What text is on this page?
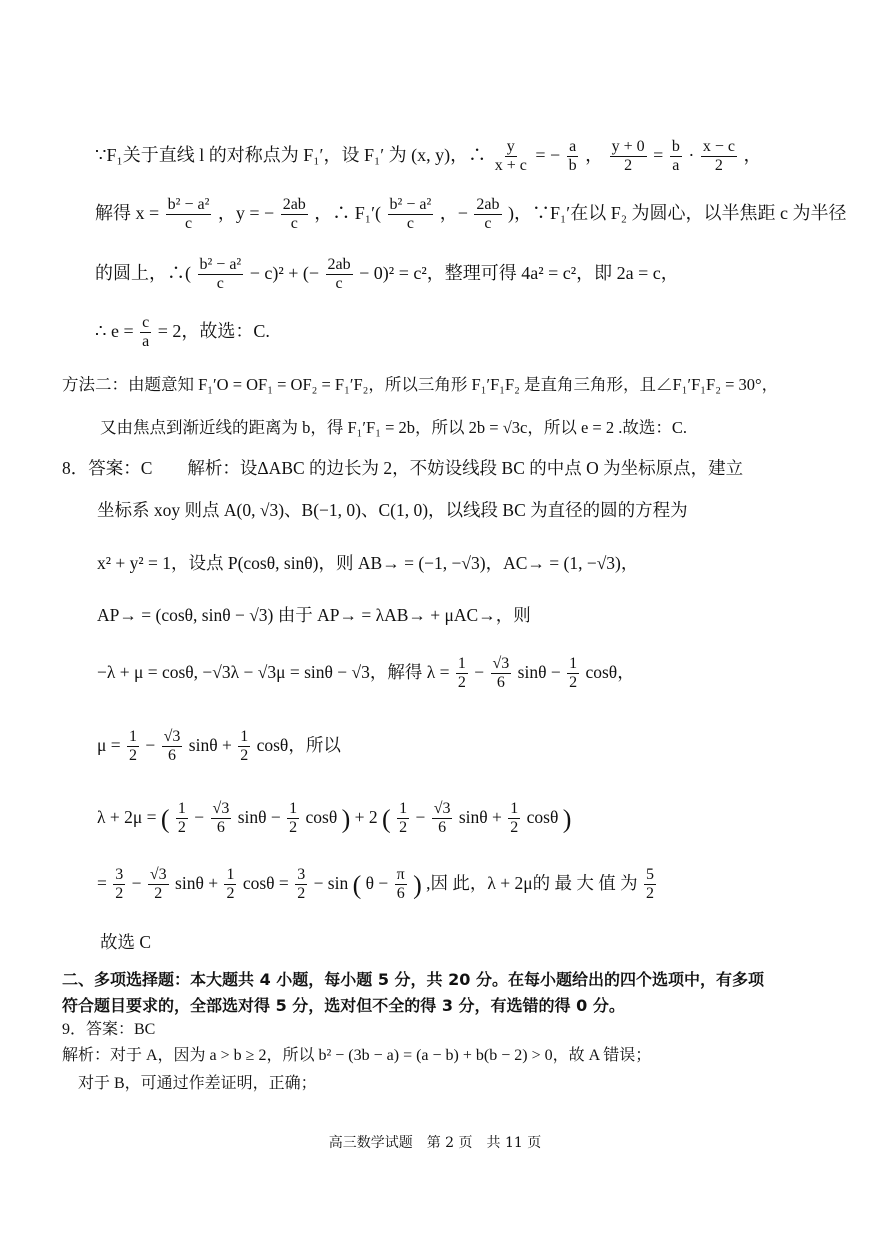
∵F₁关于直线 l 的对称点为 F₁′，设 F₁′ 为 (x, y)，∴ $\frac{y}{x + c}$ = − $\frac{a}{b}$ ， $\frac{y + 0}{2} = \frac{b}{a} \cdot \frac{x - c}{2}$ ，
解得 $x = \frac{\text{b² − a²}}{c}$ ，y = − $\frac{2ab}{c}$ ，∴ $F_1'( \frac{\text{b² − a²}}{c}$ ，− $\frac{2ab}{c}$ )，∵F₁′在以 F₂ 为圆心，以半焦距 c 为半径
的圆上，∴( $\frac{\text{b² − a²}}{c} - c)^2$ + (− $\frac{2ab}{c} - 0)^2 = c^2$，整理可得 4a² = c²，即 2a = c，
∴ $e = \frac{c}{a} = 2$，故选：C.
方法二：由题意知 F₁′O = OF₁ = OF₂ = F₁′F₂，所以三角形 F₁′F₁F₂ 是直角三角形，且∠F₁′F₁F₂ = 30°，
又由焦点到渐近线的距离为 b，得 F₁′F₁ = 2b，所以 2b = √3c，所以 e = 2 .故选：C.
8．答案：C　　解析：设ΔABC 的边长为 2，不妨设线段 BC 的中点 O 为坐标原点，建立
坐标系 xoy 则点 A(0, √3)、B(−1, 0)、C(1, 0)，以线段 BC 为直径的圆的方程为
x² + y² = 1，设点 P(cosθ, sinθ)，则 AB→ = (−1, −√3)，AC→ = (1, −√3)，
AP→ = (cosθ, sinθ − √3) 由于 AP→ = λAB→ + μAC→，则
−λ + μ = cosθ, −√3λ − √3μ = sinθ − √3，解得 $\lambda = \frac{1}{2} - \frac{√3}{6}$ $\sin\theta - \frac{1}{2}$ cosθ，
$\mu = \frac{1}{2} - \frac{√3}{6}$ $\sin\theta + \frac{1}{2}$ cosθ，所以
λ + 2μ = ( $\frac{1}{2} - \frac{√3}{6}$ $\sin\theta - \frac{1}{2}$ cosθ ) + 2 ( $\frac{1}{2} - \frac{√3}{6}$ $\sin\theta + \frac{1}{2}$ cosθ )
= $\frac{3}{2} - \frac{√3}{2}$ $\sin\theta + \frac{1}{2}$ $\cos\theta = \frac{3}{2} - \sin$ ( $\theta - \frac{\pi}{6}$ ) ,因 此，λ + 2μ的 最 大 值 为 $\frac{5}{2}$
故选 C
二、多项选择题：本大题共 4 小题，每小题 5 分，共 20 分。在每小题给出的四个选项中，有多项
符合题目要求的，全部选对得 5 分，选对但不全的得 3 分，有选错的得 0 分。
9．答案：BC
解析：对于 A，因为 a > b ≥ 2，所以 b² − (3b − a) = (a − b) + b(b − 2) > 0，故 A 错误；
对于 B，可通过作差证明，正确；
高三数学试题　第 2 页　共 11 页
